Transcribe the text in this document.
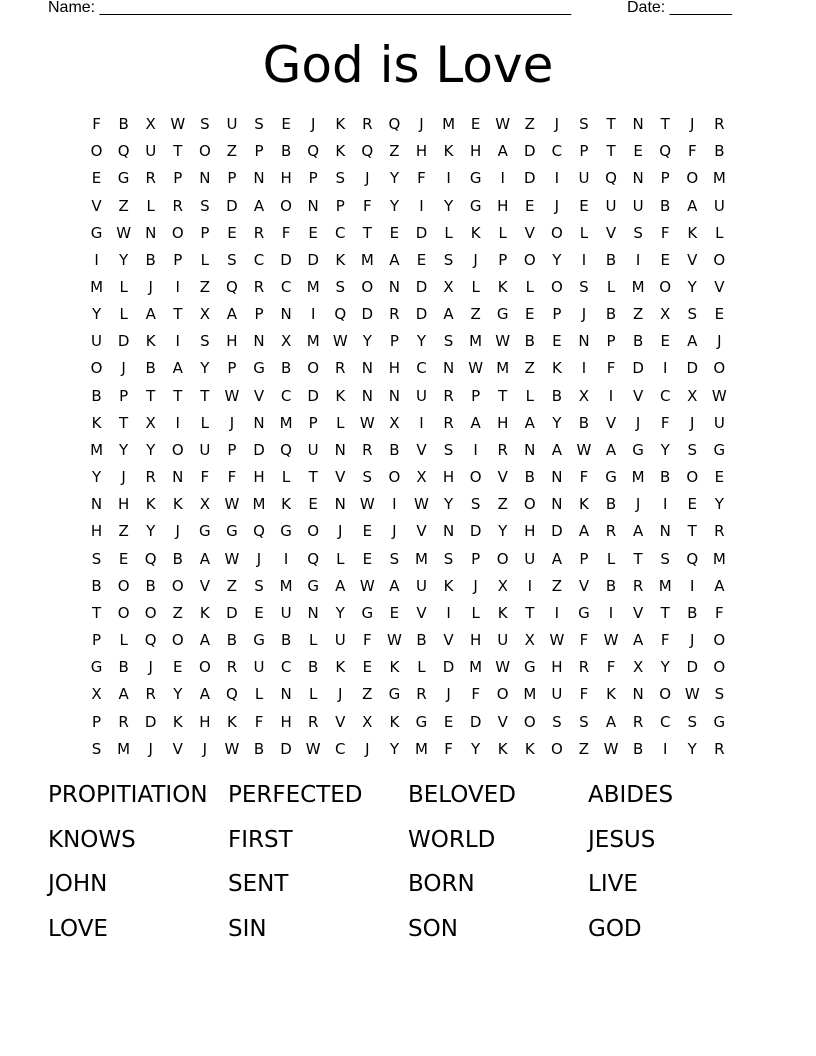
Name: _____________________________________________________	Date: _______
God is Love
F	B	X W S	U	S	E	J	K	R	Q	J	M	E W Z	J	S	T	N	T	J	R
O	Q	U	T	O	Z	P	B	Q	K	Q	Z	H	K	H	A	D	C	P	T	E	Q	F	B
E	G	R	P	N	P	N	H	P	S	J	Y	F	I	G	I	D	I	U	Q	N	P	O M
V	Z	L	R	S	D	A	O	N	P	F	Y	I	Y	G	H	E	J	E	U	U	B	A	U
G W N	O	P	E	R	F	E	C	T	E	D	L	K	L	V	O	L	V	S	F	K	L
I	Y	B	P	L	S	C	D	D	K	M	A	E	S	J	P	O	Y	I	B	I	E	V	O
M	L	J	I	Z	Q	R	C	M	S	O	N	D	X	L	K	L	O	S	L	M O	Y	V
Y	L	A	T	X	A	P	N	I	Q	D	R	D	A	Z	G	E	P	J	B	Z	X	S	E
U	D	K	I	S	H	N	X	M W	Y	P	Y	S	M W B	E	N	P	B	E	A	J
O	J	B	A	Y	P	G	B	O	R	N	H	C	N W M	Z	K	I	F	D	I	D	O
B	P	T	T	T	W V	C	D	K	N	N	U	R	P	T	L	B	X	I	V	C	X W
K	T	X	I	L	J	N M	P	L	W X	I	R	A	H	A	Y	B	V	J	F	J	U
M	Y	Y	O	U	P	D	Q	U	N	R	B	V	S	I	R	N	A W A	G	Y	S	G
Y	J	R	N	F	F	H	L	T	V	S	O	X	H	O	V	B	N	F	G M	B	O	E
N	H	K	K	X W M	K	E	N W	I	W	Y	S	Z	O	N	K	B	J	I	E	Y
H	Z	Y	J	G	G	Q	G	O	J	E	J	V	N	D	Y	H	D	A	R	A	N	T	R
S	E	Q	B	A W	J	I	Q	L	E	S	M	S	P	O	U	A	P	L	T	S	Q M
B	O	B	O	V	Z	S	M G	A W A	U	K	J	X	I	Z	V	B	R	M	I	A
T	O	O	Z	K	D	E	U	N	Y	G	E	V	I	L	K	T	I	G	I	V	T	B	F
P	L	Q	O	A	B	G	B	L	U	F	W B	V	H	U	X W	F	W A	F	J	O
G	B	J	E	O	R	U	C	B	K	E	K	L	D M W G	H	R	F	X	Y	D	O
X	A	R	Y	A	Q	L	N	L	J	Z	G	R	J	F	O M	U	F	K	N	O W S
P	R	D	K	H	K	F	H	R	V	X	K	G	E	D	V	O	S	S	A	R	C	S	G
S	M	J	V	J	W B	D W C	J	Y	M	F	Y	K	K	O	Z W B	I	Y	R
PROPITIATION PERFECTED	BELOVED	ABIDES
KNOWS	FIRST	WORLD	JESUS
JOHN	SENT	BORN	LIVE
LOVE	SIN	SON	GOD
